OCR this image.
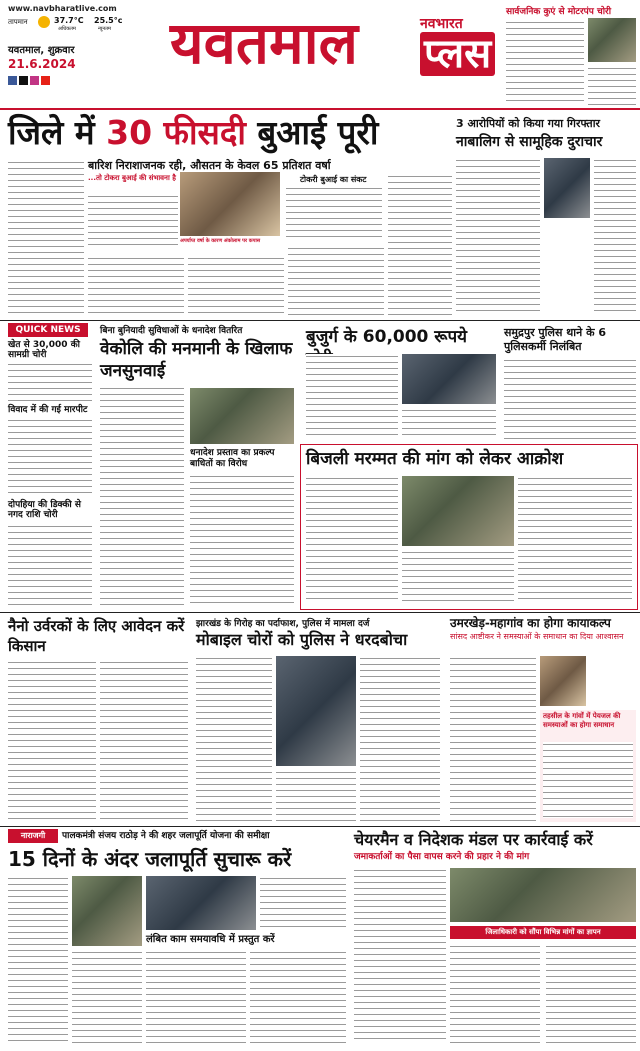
www.navbharatlive.com
तापमान	37.7°C
अधिकतम
25.5°c
न्यूनतम
यवतमाल, शुक्रवार
21.6.2024 यवतमाल	नवभारत
प्लस
सार्वजनिक कुएं से मोटरपंप चोरी
जिले में 30 फीसदी बुआई पूरी
बारिश निराशाजनक रही, औसतन के केवल 65 प्रतिशत वर्षा
...तो टोकरा बुआई की संभावना है
अपर्याप्त वर्षा के कारण अंकोलाम पर कपास
टोकरी बुआई का संकट
3 आरोपियों को किया गया गिरफ्तार
नाबालिग से सामूहिक दुराचार
QUICK NEWS
खेत से 30,000 की सामग्री चोरी
विवाद में की गई मारपीट
दोपहिया की डिक्की से नगद राशि चोरी
बिना बुनियादी सुविधाओं के धनादेश वितरित
वेकोलि की मनमानी के खिलाफ जनसुनवाई
धनादेश प्रस्ताव का प्रकल्प बाधितों का विरोध
बुजुर्ग के 60,000 रूपये	समुद्रपुर पुलिस थाने के 6 पुलिसकर्मी निलंबित
बिजली मरम्मत की मांग को लेकर आक्रोश
नैनो उर्वरकों के लिए आवेदन करें किसान
झारखंड के गिरोह का पर्दाफाश, पुलिस में मामला दर्ज
मोबाइल चोरों को पुलिस ने धरदबोचा
उमरखेड़-महागांव का होगा कायाकल्प
सांसद आष्टीकर ने समस्याओं के समाधान का दिया आश्वासन
तहसील के गांवों में पेयजल की समस्याओं का होगा समाधान
नाराजगी	पालकमंत्री संजय राठोड़ ने की शहर जलापूर्ति योजना की समीक्षा
15 दिनों के अंदर जलापूर्ति सुचारू करें
लंबित काम समयावधि में प्रस्तुत करें
चेयरमैन व निदेशक मंडल पर कार्रवाई करें
जमाकर्ताओं का पैसा वापस करने की प्रहार ने की मांग
जिलाधिकारी को सौंपा विभिन्न मांगों का ज्ञापन
